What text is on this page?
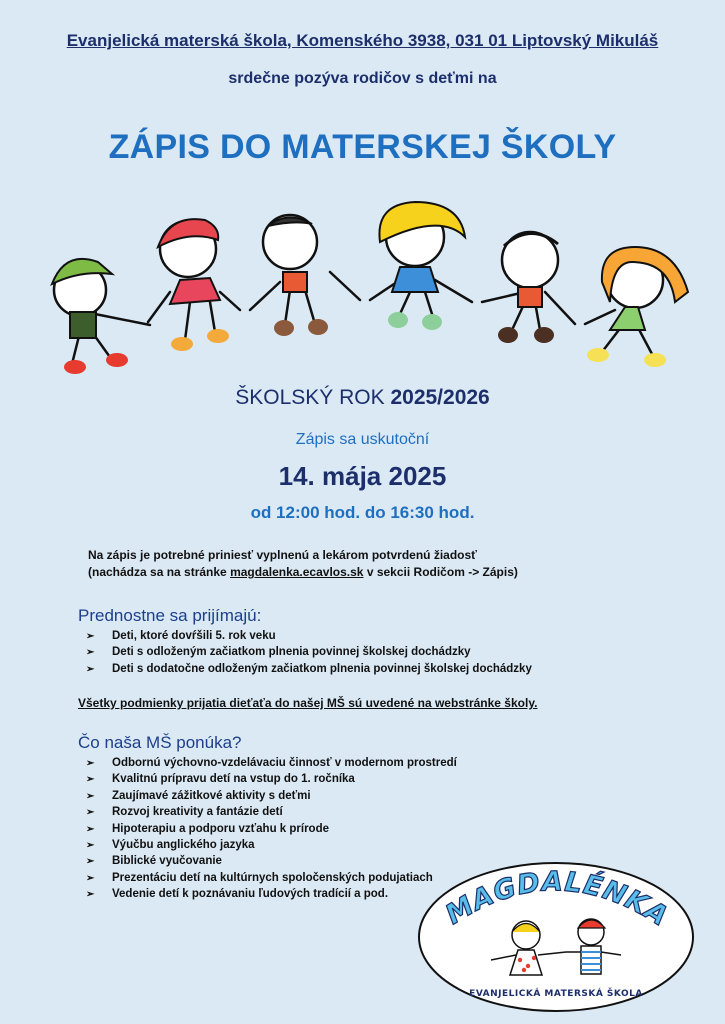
Evanjelická materská škola, Komenského 3938, 031 01 Liptovský Mikuláš
srdečne pozýva rodičov s deťmi na
ZÁPIS DO MATERSKEJ ŠKOLY
ŠKOLSKÝ ROK 2025/2026
Zápis sa uskutoční
14. mája 2025
od 12:00 hod. do 16:30 hod.
Na zápis je potrebné priniesť vyplnenú a lekárom potvrdenú žiadosť
(nachádza sa na stránke magdalenka.ecavlos.sk v sekcii Rodičom -> Zápis)
Prednostne sa prijímajú:
➢ Deti, ktoré dovŕšili 5. rok veku
➢ Deti s odloženým začiatkom plnenia povinnej školskej dochádzky
➢ Deti s dodatočne odloženým začiatkom plnenia povinnej školskej dochádzky
Všetky podmienky prijatia dieťaťa do našej MŠ sú uvedené na webstránke školy.
Čo naša MŠ ponúka?
➢ Odbornú výchovno-vzdelávaciu činnosť v modernom prostredí
➢ Kvalitnú prípravu detí na vstup do 1. ročníka
➢ Zaujímavé zážitkové aktivity s deťmi
➢ Rozvoj kreativity a fantázie detí
➢ Hipoterapiu a podporu vzťahu k prírode
➢ Výučbu anglického jazyka
➢ Biblické vyučovanie
➢ Prezentáciu detí na kultúrnych spoločenských podujatiach
➢ Vedenie detí k poznávaniu ľudových tradícií a pod.	MAGDALÉNKA
EVANJELICKÁ MATERSKÁ ŠKOLA
